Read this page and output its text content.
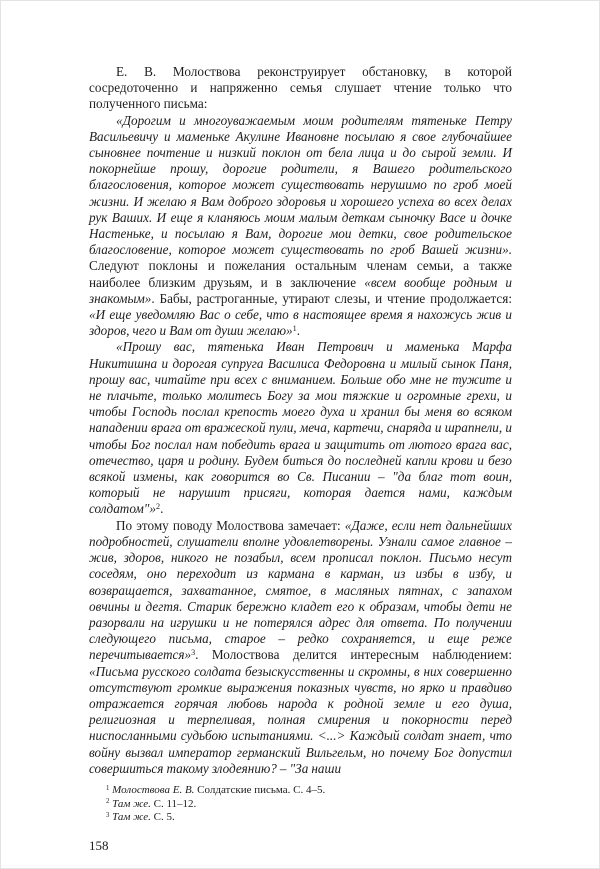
Е. В. Молоствова реконструирует обстановку, в которой сосредоточенно и напряженно семья слушает чтение только что полученного письма:

«Дорогим и многоуважаемым моим родителям тятеньке Петру Васильевичу и маменьке Акулине Ивановне посылаю я свое глубочайшее сыновнее почтение и низкий поклон от бела лица и до сырой земли. И покорнейше прошу, дорогие родители, я Вашего родительского благословения, которое может существовать нерушимо по гроб моей жизни. И желаю я Вам доброго здоровья и хорошего успеха во всех делах рук Ваших. И еще я кланяюсь моим малым деткам сыночку Васе и дочке Настеньке, и посылаю я Вам, дорогие мои детки, свое родительское благословение, которое может существовать по гроб Вашей жизни». Следуют поклоны и пожелания остальным членам семьи, а также наиболее близким друзьям, и в заключение «всем вообще родным и знакомым». Бабы, растроганные, утирают слезы, и чтение продолжается: «И еще уведомляю Вас о себе, что в настоящее время я нахожусь жив и здоров, чего и Вам от души желаю»$^1$.

«Прошу вас, тятенька Иван Петрович и маменька Марфа Никитишна и дорогая супруга Василиса Федоровна и милый сынок Паня, прошу вас, читайте при всех с вниманием. Больше обо мне не тужите и не плачьте, только молитесь Богу за мои тяжкие и огромные грехи, и чтобы Господь послал крепость моего духа и хранил бы меня во всяком нападении врага от вражеской пули, меча, картечи, снаряда и шрапнели, и чтобы Бог послал нам победить врага и защитить от лютого врага вас, отечество, царя и родину. Будем биться до последней капли крови и безо всякой измены, как говорится во Св. Писании – "да благ тот воин, который не нарушит присяги, которая дается нами, каждым солдатом"»$^2$.

По этому поводу Молоствова замечает: «Даже, если нет дальнейших подробностей, слушатели вполне удовлетворены. Узнали самое главное – жив, здоров, никого не позабыл, всем прописал поклон. Письмо несут соседям, оно переходит из кармана в карман, из избы в избу, и возвращается, захватанное, смятое, в масляных пятнах, с запахом овчины и дегтя. Старик бережно кладет его к образам, чтобы дети не разорвали на игрушки и не потерялся адрес для ответа. По получении следующего письма, старое – редко сохраняется, и еще реже перечитывается»$^3$. Молоствова делится интересным наблюдением: «Письма русского солдата безыскусственны и скромны, в них совершенно отсутствуют громкие выражения показных чувств, но ярко и правдиво отражается горячая любовь народа к родной земле и его душа, религиозная и терпеливая, полная смирения и покорности перед ниспосланными судьбою испытаниями. <...> Каждый солдат знает, что войну вызвал император германский Вильгельм, но почему Бог допустил совершиться такому злодеянию? – "За наши

$^1$ Молоствова Е. В. Солдатские письма. С. 4–5.

$^2$ Там же. С. 11–12.

$^3$ Там же. С. 5.

158
